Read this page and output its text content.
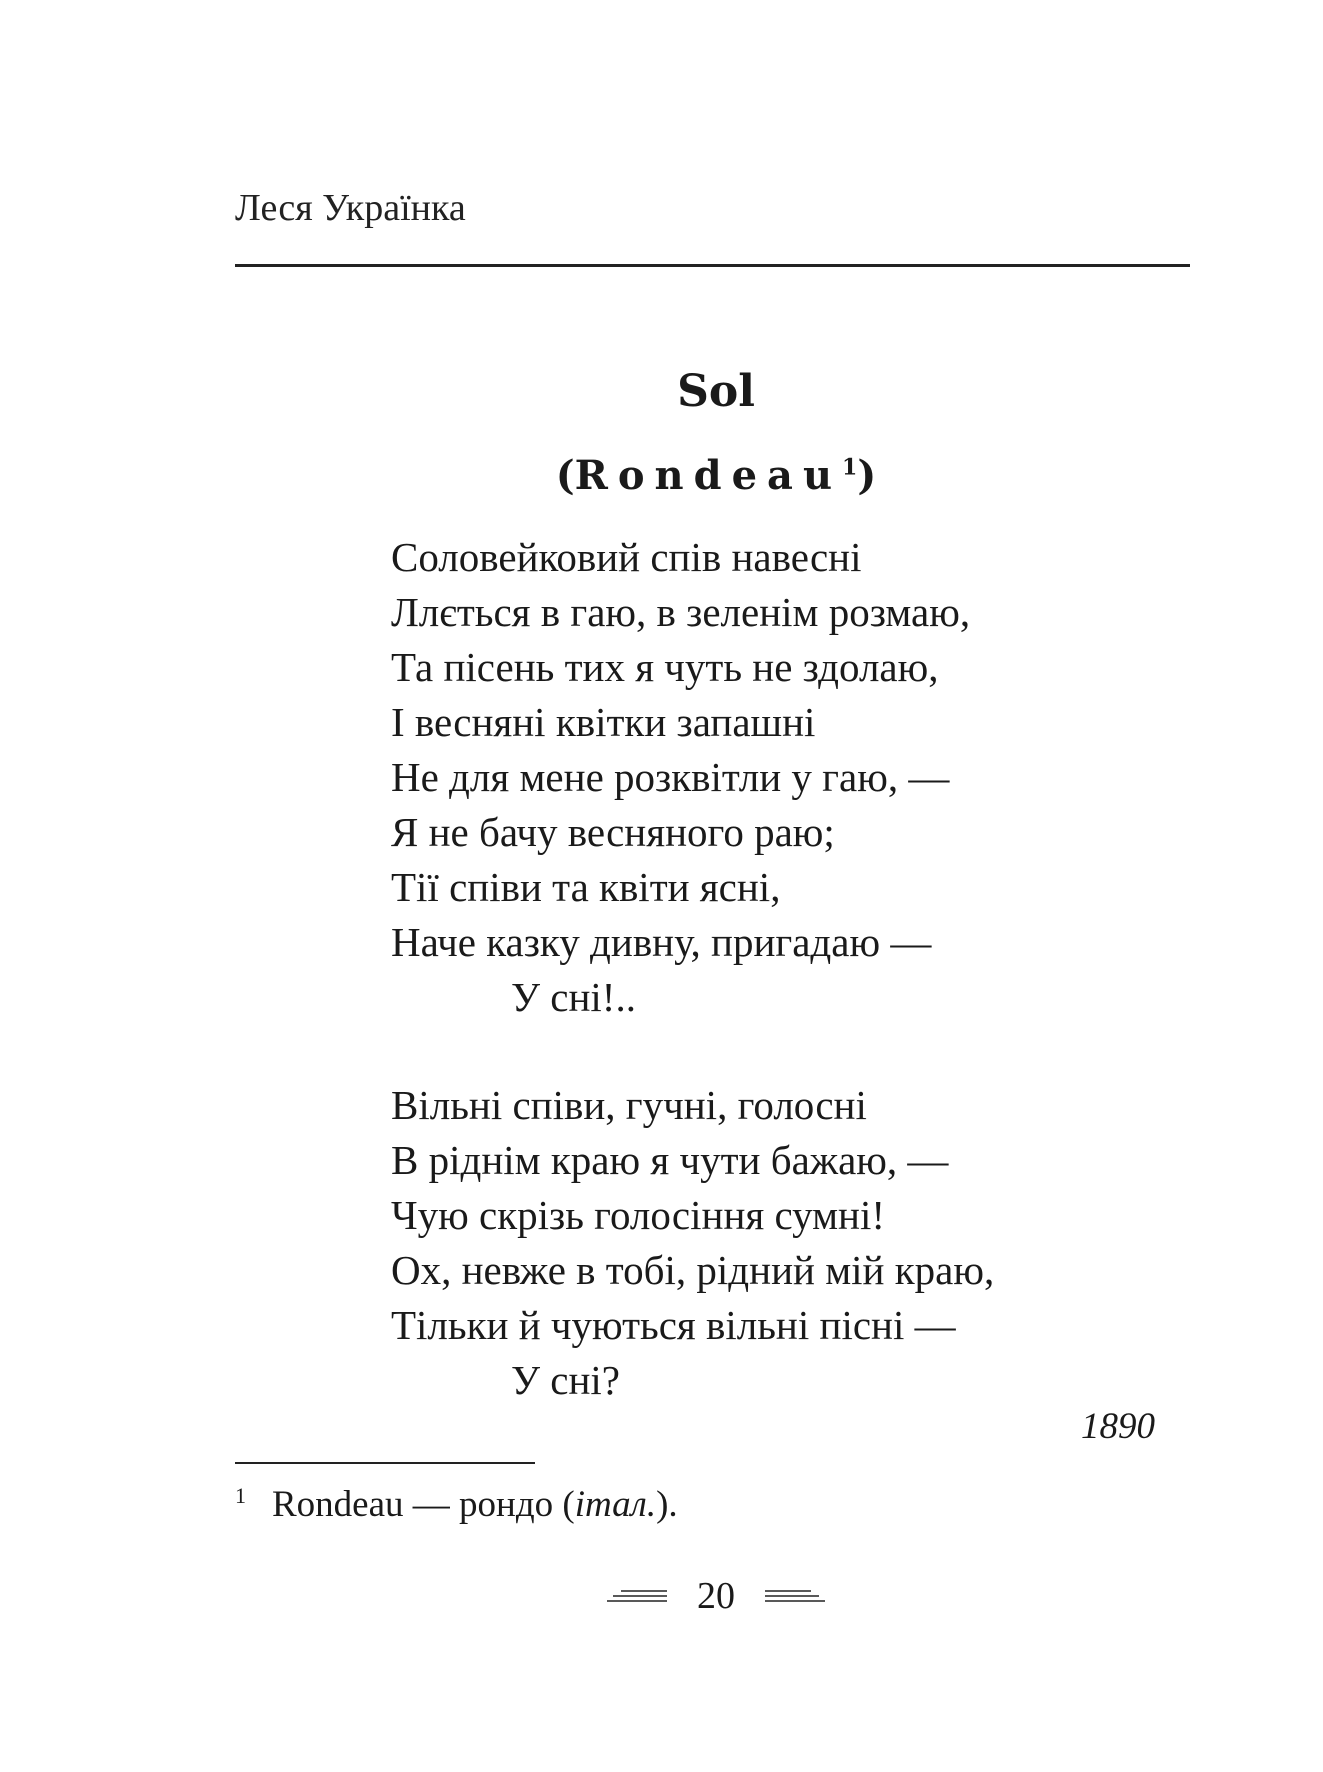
Леся Українка
Sol
(Rondeau$^1$)
Соловейковий спів навесні
Ллється в гаю, в зеленім розмаю,
Та пісень тих я чуть не здолаю,
І весняні квітки запашні
Не для мене розквітли у гаю, —
Я не бачу весняного раю;
Тії співи та квіти ясні,
Наче казку дивну, пригадаю —
У сні!..
Вільні співи, гучні, голосні
В ріднім краю я чути бажаю, —
Чую скрізь голосіння сумні!
Ох, невже в тобі, рідний мій краю,
Тільки й чуються вільні пісні —
У сні?
1890
$^1$ Rondeau — рондо (італ.).
20
